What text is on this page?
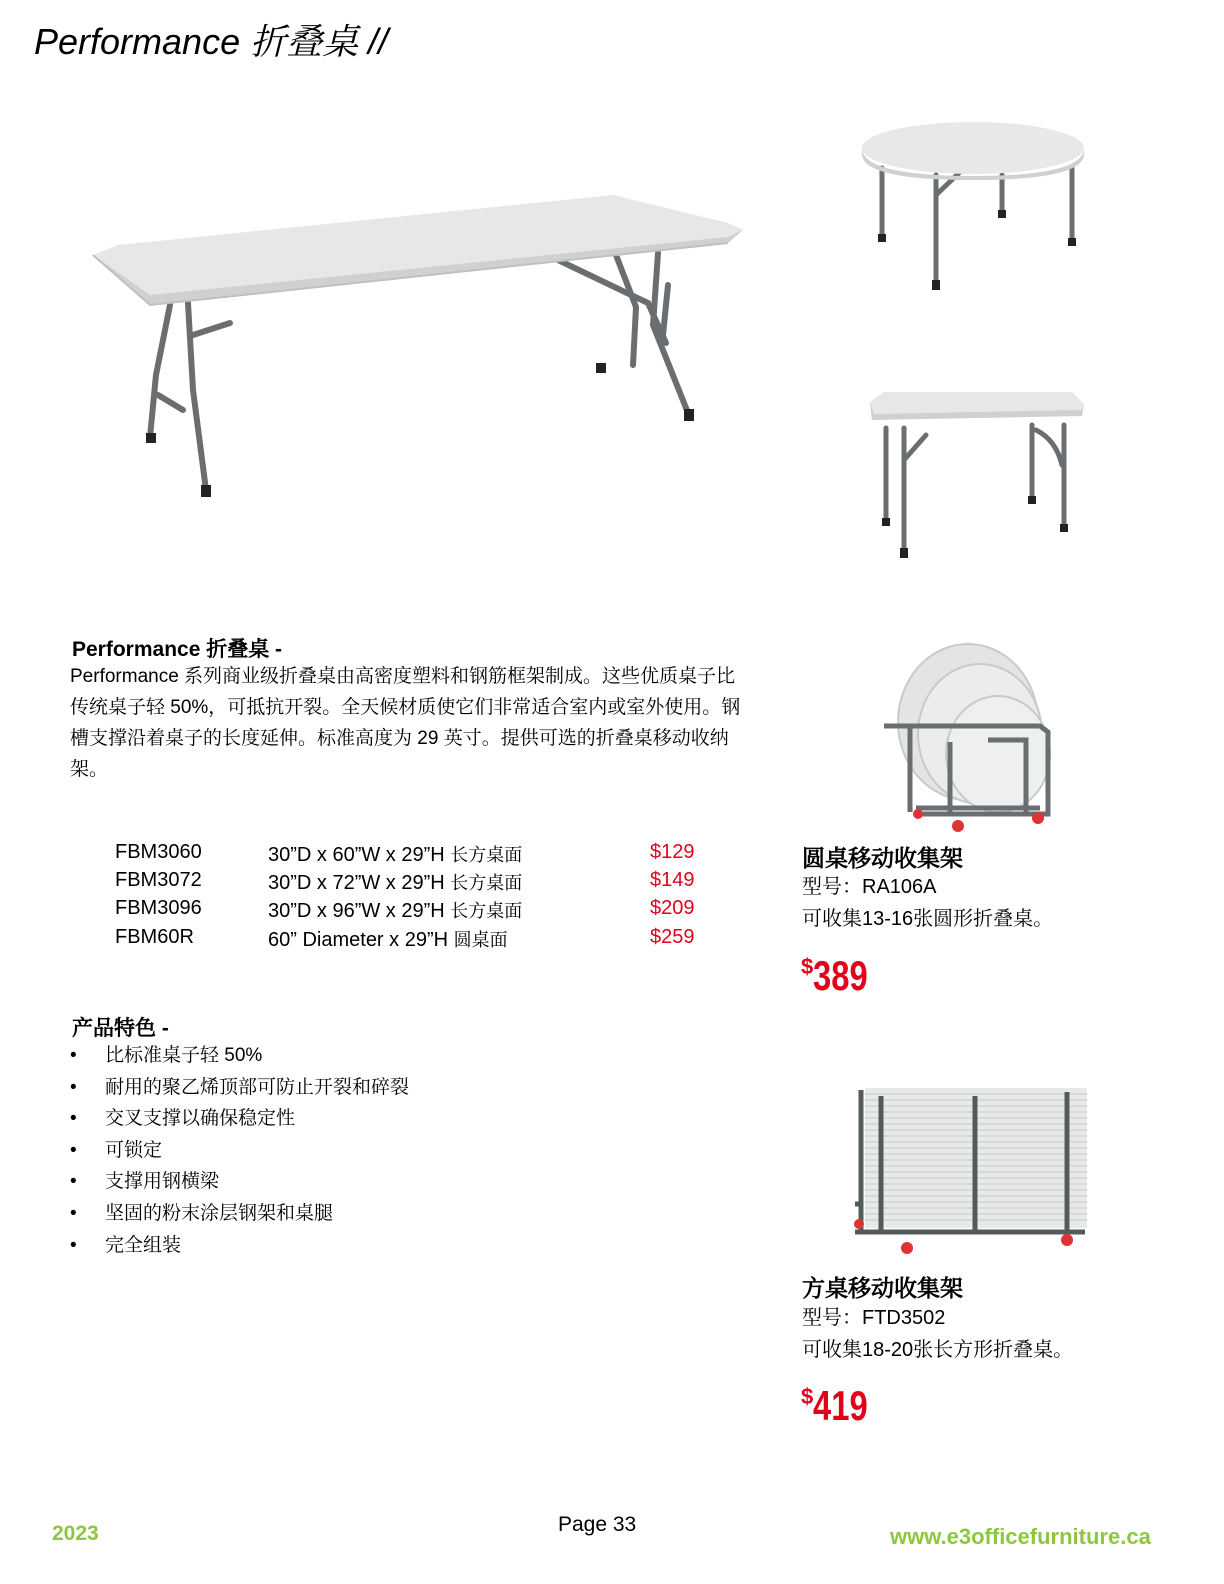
Performance 折叠桌 //
Performance 折叠桌 -
Performance 系列商业级折叠桌由高密度塑料和钢筋框架制成。这些优质桌子比
传统桌子轻 50%，可抵抗开裂。全天候材质使它们非常适合室内或室外使用。钢
槽支撑沿着桌子的长度延伸。标准高度为 29 英寸。提供可选的折叠桌移动收纳
架。
FBM3060	30”D x 60”W x 29”H 长方桌面	$129
FBM3072	30”D x 72”W x 29”H 长方桌面	$149
FBM3096	30”D x 96”W x 29”H 长方桌面	$209
FBM60R	60” Diameter x 29”H 圆桌面	$259
产品特色 -
• 比标准桌子轻 50%
• 耐用的聚乙烯顶部可防止开裂和碎裂
• 交叉支撑以确保稳定性
• 可锁定
• 支撑用钢横梁
• 坚固的粉末涂层钢架和桌腿
• 完全组装
圆桌移动收集架
型号：RA106A
可收集13-16张圆形折叠桌。
$389
方桌移动收集架
型号：FTD3502
可收集18-20张长方形折叠桌。
$419
2023	Page 33	www.e3officefurniture.ca
